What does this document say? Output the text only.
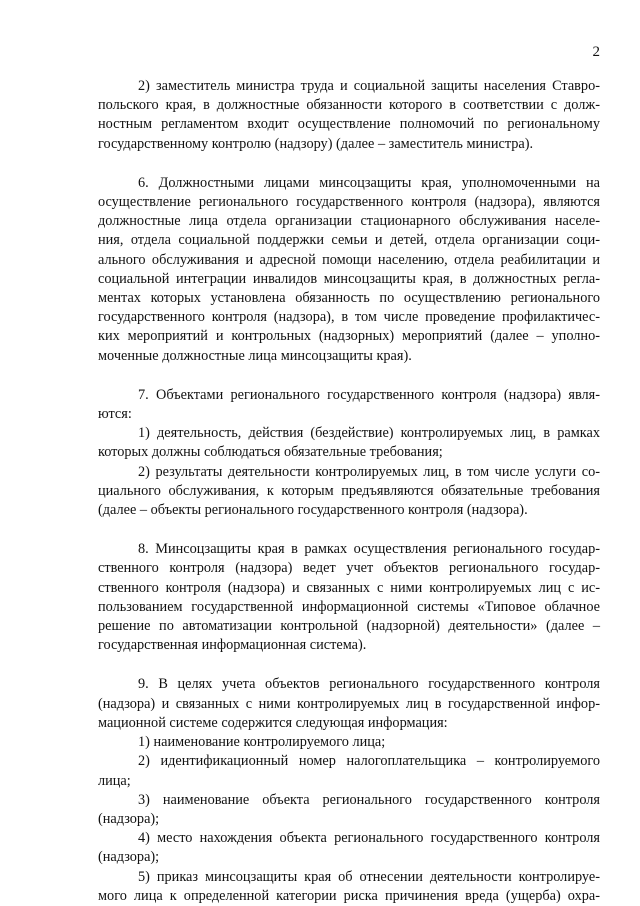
2
2) заместитель министра труда и социальной защиты населения Ставро-
польского края, в должностные обязанности которого в соответствии с долж-
ностным регламентом входит осуществление полномочий по региональному
государственному контролю (надзору) (далее – заместитель министра).
6. Должностными лицами минсоцзащиты края, уполномоченными на
осуществление регионального государственного контроля (надзора), являются
должностные лица отдела организации стационарного обслуживания населе-
ния, отдела социальной поддержки семьи и детей, отдела организации соци-
ального обслуживания и адресной помощи населению, отдела реабилитации и
социальной интеграции инвалидов минсоцзащиты края, в должностных регла-
ментах которых установлена обязанность по осуществлению регионального
государственного контроля (надзора), в том числе проведение профилактичес-
ких мероприятий и контрольных (надзорных) мероприятий (далее – уполно-
моченные должностные лица минсоцзащиты края).
7. Объектами регионального государственного контроля (надзора) явля-
ются:
1) деятельность, действия (бездействие) контролируемых лиц, в рамках
которых должны соблюдаться обязательные требования;
2) результаты деятельности контролируемых лиц, в том числе услуги со-
циального обслуживания, к которым предъявляются обязательные требования
(далее – объекты регионального государственного контроля (надзора).
8. Минсоцзащиты края в рамках осуществления регионального государ-
ственного контроля (надзора) ведет учет объектов регионального государ-
ственного контроля (надзора) и связанных с ними контролируемых лиц с ис-
пользованием государственной информационной системы «Типовое облачное
решение по автоматизации контрольной (надзорной) деятельности» (далее –
государственная информационная система).
9. В целях учета объектов регионального государственного контроля
(надзора) и связанных с ними контролируемых лиц в государственной инфор-
мационной системе содержится следующая информация:
1) наименование контролируемого лица;
2) идентификационный номер налогоплательщика – контролируемого
лица;
3) наименование объекта регионального государственного контроля
(надзора);
4) место нахождения объекта регионального государственного контроля
(надзора);
5) приказ минсоцзащиты края об отнесении деятельности контролируе-
мого лица к определенной категории риска причинения вреда (ущерба) охра-
